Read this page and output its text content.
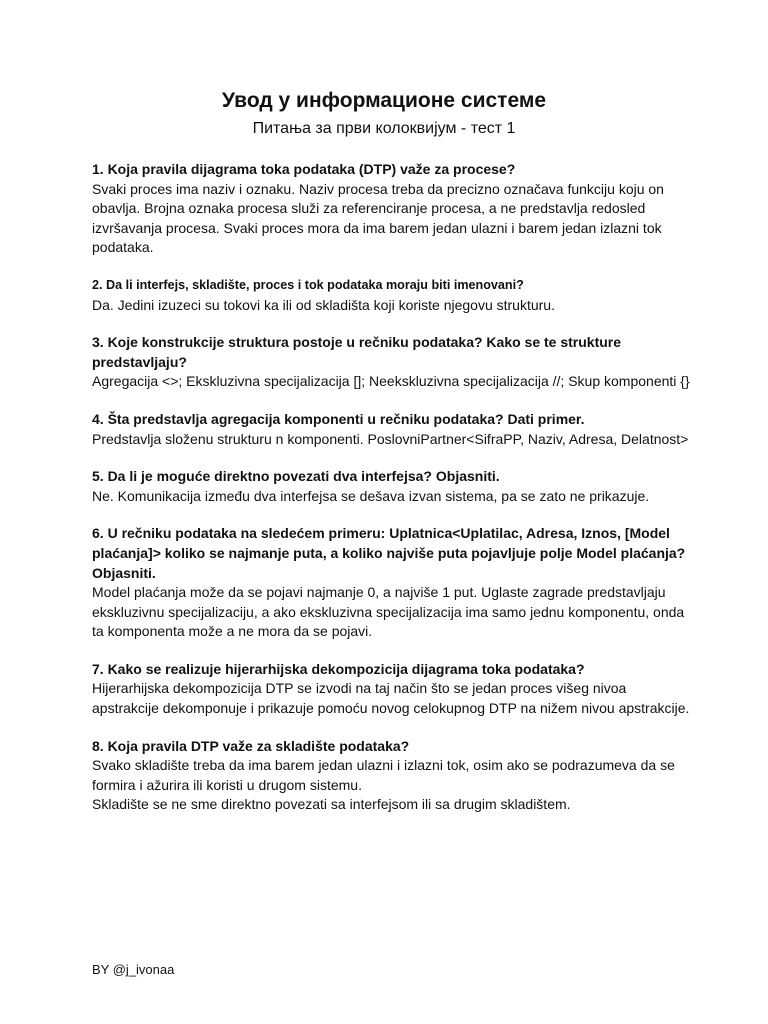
Увод у информационе системе

Питања за први колоквијум - тест 1

1. Koja pravila dijagrama toka podataka (DTP) važe za procese?

Svaki proces ima naziv i oznaku. Naziv procesa treba da precizno označava funkciju koju on obavlja. Brojna oznaka procesa služi za referenciranje procesa, a ne predstavlja redosled izvršavanja procesa. Svaki proces mora da ima barem jedan ulazni i barem jedan izlazni tok podataka.

2. Da li interfejs, skladište, proces i tok podataka moraju biti imenovani?

Da. Jedini izuzeci su tokovi ka ili od skladišta koji koriste njegovu strukturu.

3. Koje konstrukcije struktura postoje u rečniku podataka? Kako se te strukture predstavljaju?

Agregacija <>; Ekskluzivna specijalizacija []; Neekskluzivna specijalizacija //; Skup komponenti {}

4. Šta predstavlja agregacija komponenti u rečniku podataka? Dati primer.

Predstavlja složenu strukturu n komponenti. PoslovniPartner<SifraPP, Naziv, Adresa, Delatnost>

5. Da li je moguće direktno povezati dva interfejsa? Objasniti.

Ne. Komunikacija između dva interfejsa se dešava izvan sistema, pa se zato ne prikazuje.

6. U rečniku podataka na sledećem primeru: Uplatnica<Uplatilac, Adresa, Iznos, [Model plaćanja]> koliko se najmanje puta, a koliko najviše puta pojavljuje polje Model plaćanja? Objasniti.

Model plaćanja može da se pojavi najmanje 0, a najviše 1 put. Uglaste zagrade predstavljaju ekskluzivnu specijalizaciju, a ako ekskluzivna specijalizacija ima samo jednu komponentu, onda ta komponenta može a ne mora da se pojavi.

7. Kako se realizuje hijerarhijska dekompozicija dijagrama toka podataka?

Hijerarhijska dekompozicija DTP se izvodi na taj način što se jedan proces višeg nivoa apstrakcije dekomponuje i prikazuje pomoću novog celokupnog DTP na nižem nivou apstrakcije.

8. Koja pravila DTP važe za skladište podataka?

Svako skladište treba da ima barem jedan ulazni i izlazni tok, osim ako se podrazumeva da se formira i ažurira ili koristi u drugom sistemu.

Skladište se ne sme direktno povezati sa interfejsom ili sa drugim skladištem.

BY @j_ivonaa
